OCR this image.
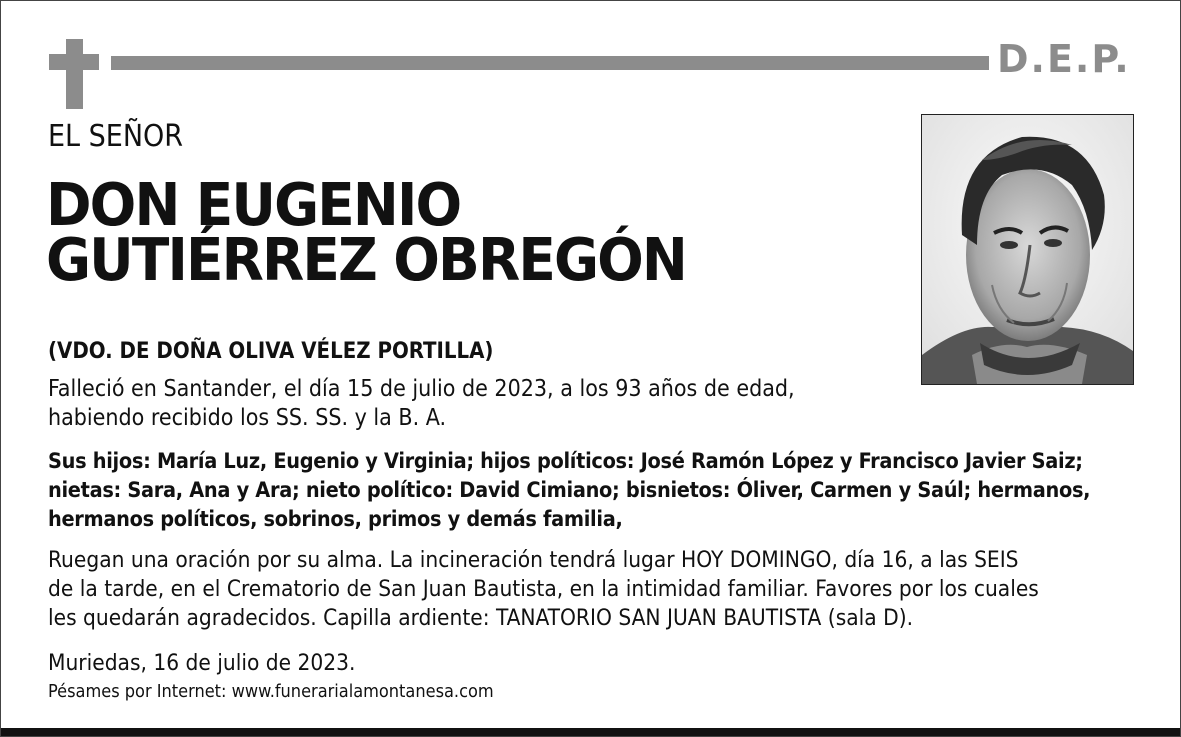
D.E.P.
EL SEÑOR
DON EUGENIO
GUTIÉRREZ OBREGÓN
(VDO. DE DOÑA OLIVA VÉLEZ PORTILLA)
Falleció en Santander, el día 15 de julio de 2023, a los 93 años de edad,
habiendo recibido los SS. SS. y la B. A.
Sus hijos: María Luz, Eugenio y Virginia; hijos políticos: José Ramón López y Francisco Javier Saiz;
nietas: Sara, Ana y Ara; nieto político: David Cimiano; bisnietos: Óliver, Carmen y Saúl; hermanos,
hermanos políticos, sobrinos, primos y demás familia,
Ruegan una oración por su alma. La incineración tendrá lugar HOY DOMINGO, día 16, a las SEIS
de la tarde, en el Crematorio de San Juan Bautista, en la intimidad familiar. Favores por los cuales
les quedarán agradecidos. Capilla ardiente: TANATORIO SAN JUAN BAUTISTA (sala D).
Muriedas, 16 de julio de 2023.
Pésames por Internet: www.funerarialamontanesa.com
